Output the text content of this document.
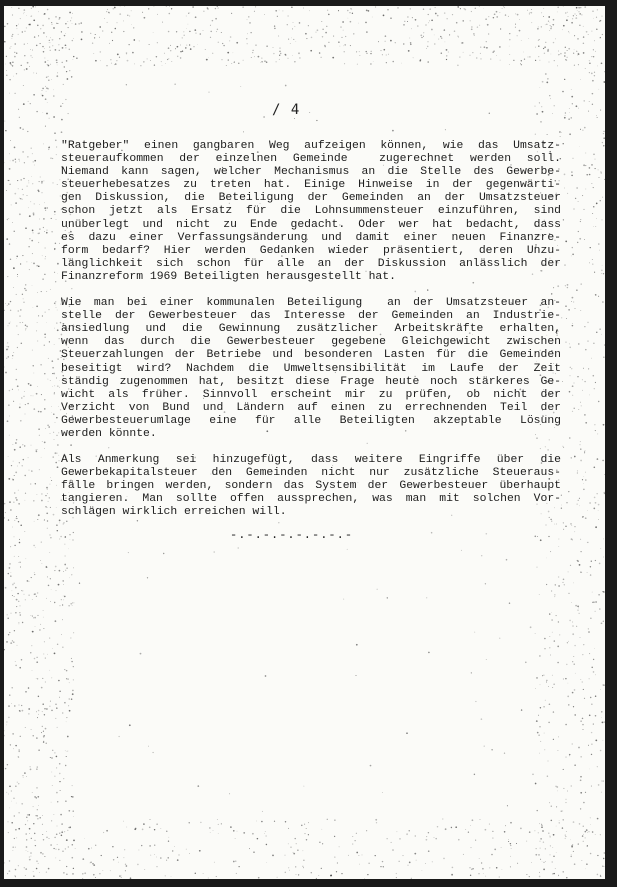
/ 4
"Ratgeber" einen gangbaren Weg aufzeigen können, wie das Umsatz-
steueraufkommen der einzelnen Gemeinde  zugerechnet werden soll.
Niemand kann sagen, welcher Mechanismus an die Stelle des Gewerbe-
steuerhebesatzes zu treten hat. Einige Hinweise in der gegenwärti-
gen Diskussion, die Beteiligung der Gemeinden an der Umsatzsteuer
schon jetzt als Ersatz für die Lohnsummensteuer einzuführen, sind
unüberlegt und nicht zu Ende gedacht. Oder wer hat bedacht, dass
es dazu einer Verfassungsänderung und damit einer neuen Finanzre-
form bedarf? Hier werden Gedanken wieder präsentiert, deren Unzu-
länglichkeit sich schon für alle an der Diskussion anlässlich der
Finanzreform 1969 Beteiligten herausgestellt hat.
Wie man bei einer kommunalen Beteiligung  an der Umsatzsteuer an-
stelle der Gewerbesteuer das Interesse der Gemeinden an Industrie-
ansiedlung und die Gewinnung zusätzlicher Arbeitskräfte erhalten,
wenn das durch die Gewerbesteuer gegebene Gleichgewicht zwischen
Steuerzahlungen der Betriebe und besonderen Lasten für die Gemeinden
beseitigt wird? Nachdem die Umweltsensibilität im Laufe der Zeit
ständig zugenommen hat, besitzt diese Frage heute noch stärkeres Ge-
wicht als früher. Sinnvoll erscheint mir zu prüfen, ob nicht der
Verzicht von Bund und Ländern auf einen zu errechnenden Teil der
Gewerbesteuerumlage eine für alle Beteiligten akzeptable Lösung
werden könnte.
Als Anmerkung sei hinzugefügt, dass weitere Eingriffe über die
Gewerbekapitalsteuer den Gemeinden nicht nur zusätzliche Steueraus-
fälle bringen werden, sondern das System der Gewerbesteuer überhaupt
tangieren. Man sollte offen aussprechen, was man mit solchen Vor-
schlägen wirklich erreichen will.
-.-.-.-.-.-.-.-
